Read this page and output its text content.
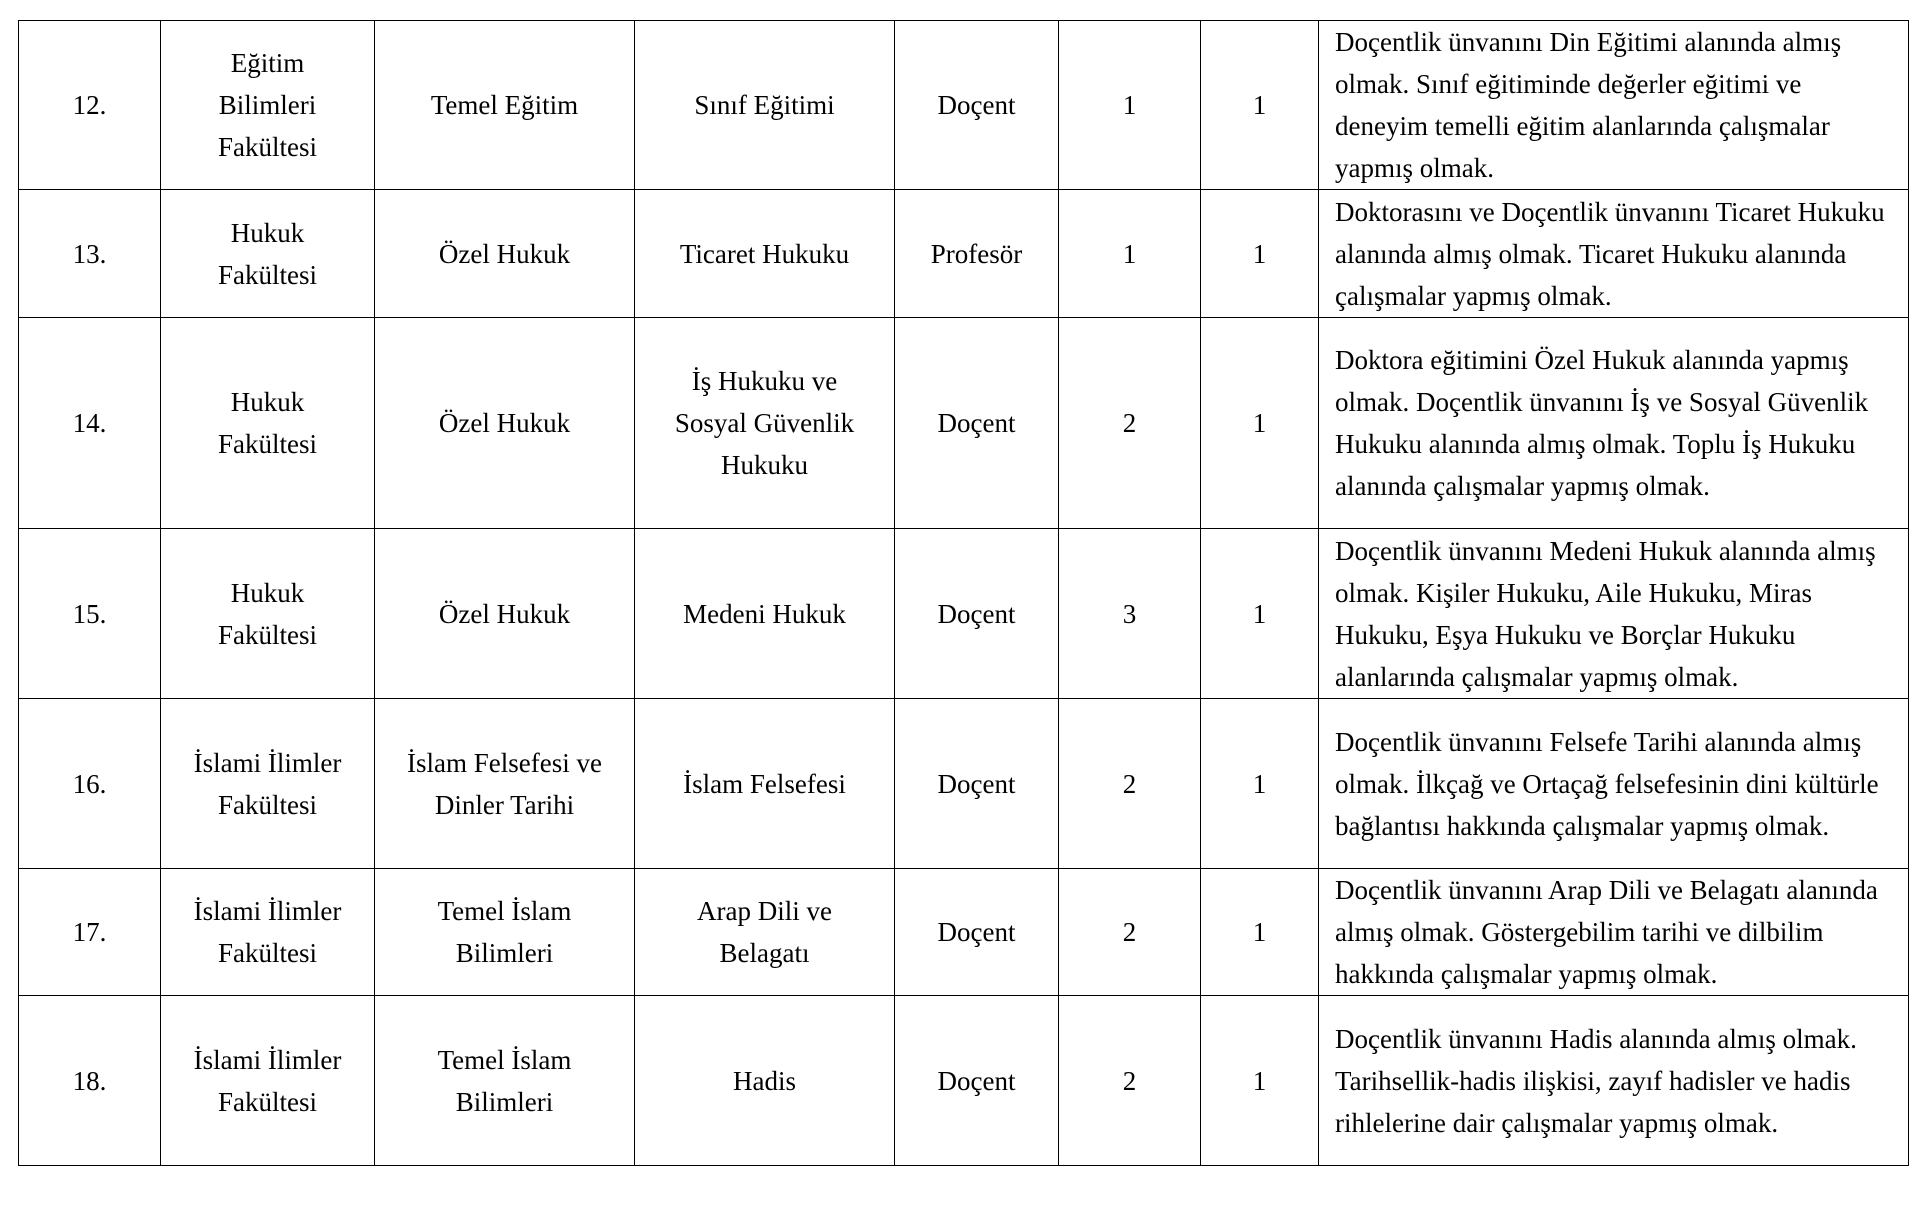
12.	Eğitim Bilimleri Fakültesi	Temel Eğitim	Sınıf Eğitimi	Doçent	1	1	Doçentlik ünvanını Din Eğitimi alanında almış olmak. Sınıf eğitiminde değerler eğitimi ve deneyim temelli eğitim alanlarında çalışmalar yapmış olmak.
13.	Hukuk Fakültesi	Özel Hukuk	Ticaret Hukuku	Profesör	1	1	Doktorasını ve Doçentlik ünvanını Ticaret Hukuku alanında almış olmak. Ticaret Hukuku alanında çalışmalar yapmış olmak.
14.	Hukuk Fakültesi	Özel Hukuk	İş Hukuku ve Sosyal Güvenlik Hukuku	Doçent	2	1	Doktora eğitimini Özel Hukuk alanında yapmış olmak. Doçentlik ünvanını İş ve Sosyal Güvenlik Hukuku alanında almış olmak. Toplu İş Hukuku alanında çalışmalar yapmış olmak.
15.	Hukuk Fakültesi	Özel Hukuk	Medeni Hukuk	Doçent	3	1	Doçentlik ünvanını Medeni Hukuk alanında almış olmak. Kişiler Hukuku, Aile Hukuku, Miras Hukuku, Eşya Hukuku ve Borçlar Hukuku alanlarında çalışmalar yapmış olmak.
16.	İslami İlimler Fakültesi	İslam Felsefesi ve Dinler Tarihi	İslam Felsefesi	Doçent	2	1	Doçentlik ünvanını Felsefe Tarihi alanında almış olmak. İlkçağ ve Ortaçağ felsefesinin dini kültürle bağlantısı hakkında çalışmalar yapmış olmak.
17.	İslami İlimler Fakültesi	Temel İslam Bilimleri	Arap Dili ve Belagatı	Doçent	2	1	Doçentlik ünvanını Arap Dili ve Belagatı alanında almış olmak. Göstergebilim tarihi ve dilbilim hakkında çalışmalar yapmış olmak.
18.	İslami İlimler Fakültesi	Temel İslam Bilimleri	Hadis	Doçent	2	1	Doçentlik ünvanını Hadis alanında almış olmak. Tarihsellik-hadis ilişkisi, zayıf hadisler ve hadis rihlelerine dair çalışmalar yapmış olmak.
